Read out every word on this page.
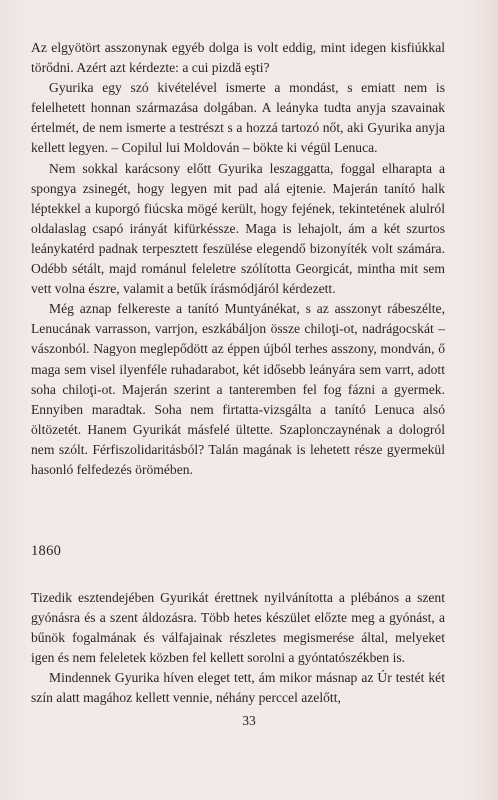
Az elgyötört asszonynak egyéb dolga is volt eddig, mint idegen kisfiúkkal törődni. Azért azt kérdezte: a cui pizdă eşti?

Gyurika egy szó kivételével ismerte a mondást, s emiatt nem is felelhetett honnan származása dolgában. A leányka tudta anyja szavainak értelmét, de nem ismerte a testrészt s a hozzá tartozó nőt, aki Gyurika anyja kellett legyen. – Copilul lui Moldován – bökte ki végül Lenuca.

Nem sokkal karácsony előtt Gyurika leszaggatta, foggal elharapta a spongya zsinegét, hogy legyen mit pad alá ejtenie. Majerán tanító halk léptekkel a kuporgó fiúcska mögé került, hogy fejének, tekintetének alulról oldalaslag csapó irányát kifürkéssze. Maga is lehajolt, ám a két szurtos leánykatérd padnak terpesztett feszülése elegendő bizonyíték volt számára. Odébb sétált, majd románul feleletre szólította Georgicát, mintha mit sem vett volna észre, valamit a betűk írásmódjáról kérdezett.

Még aznap felkereste a tanító Muntyánékat, s az asszonyt rábeszélte, Lenucának varrasson, varrjon, eszkábáljon össze chiloţi-ot, nadrágocskát – vászonból. Nagyon meglepődött az éppen újból terhes asszony, mondván, ő maga sem visel ilyenféle ruhadarabot, két idősebb leányára sem varrt, adott soha chiloţi-ot. Majerán szerint a tanteremben fel fog fázni a gyermek. Ennyiben maradtak. Soha nem firtatta-vizsgálta a tanító Lenuca alsó öltözetét. Hanem Gyurikát másfelé ültette. Szaplonczaynénak a dologról nem szólt. Férfiszolidaritásból? Talán magának is lehetett része gyermekül hasonló felfedezés örömében.

1860

Tizedik esztendejében Gyurikát érettnek nyilvánította a plébános a szent gyónásra és a szent áldozásra. Több hetes készület előzte meg a gyónást, a bűnök fogalmának és válfajainak részletes megismerése által, melyeket igen és nem feleletek közben fel kellett sorolni a gyóntatószékben is.

Mindennek Gyurika híven eleget tett, ám mikor másnap az Úr testét két szín alatt magához kellett vennie, néhány perccel azelőtt,

33
